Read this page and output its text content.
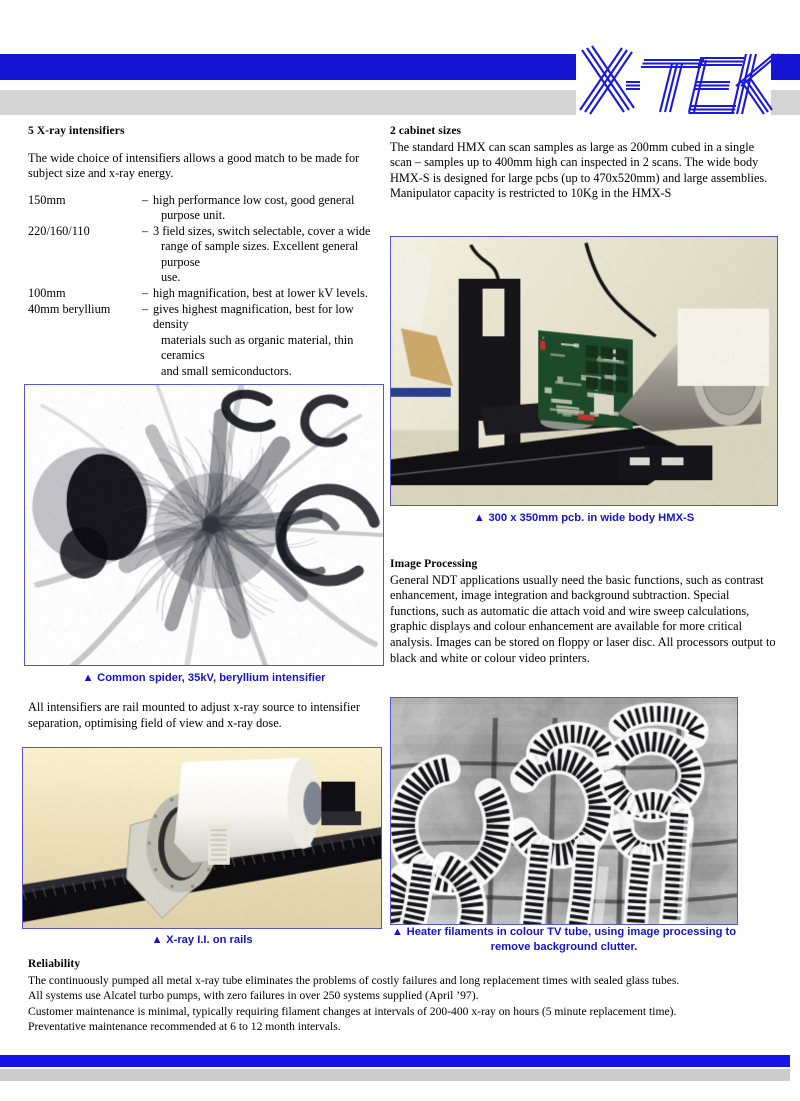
5 X-ray intensifiers

The wide choice of intensifiers allows a good match to be made for subject size and x-ray energy.

150mm	– high performance low cost, good general
purpose unit.
220/160/110	– 3 field sizes, switch selectable, cover a wide
range of sample sizes. Excellent general purpose
use.
100mm	– high magnification, best at lower kV levels.
40mm beryllium	– gives highest magnification, best for low density
materials such as organic material, thin ceramics
and small semiconductors.

2 cabinet sizes

The standard HMX can scan samples as large as 200mm cubed in a single scan – samples up to 400mm high can inspected in 2 scans. The wide body HMX-S is designed for large pcbs (up to 470x520mm) and large assemblies.

Manipulator capacity is restricted to 10Kg in the HMX-S

Image Processing

General NDT applications usually need the basic functions, such as contrast enhancement, image integration and background subtraction. Special functions, such as automatic die attach void and wire sweep calculations, graphic displays and colour enhancement are available for more critical analysis. Images can be stored on floppy or laser disc. All processors output to black and white or colour video printers.

▲ 300 x 350mm pcb. in wide body HMX-S
▲ Common spider, 35kV, beryllium intensifier
▲ X-ray I.I. on rails
▲ Heater filaments in colour TV tube, using image processing to
remove background clutter.

All intensifiers are rail mounted to adjust x-ray source to intensifier separation, optimising field of view and x-ray dose.

Reliability

The continuously pumped all metal x-ray tube eliminates the problems of costly failures and long replacement times with sealed glass tubes.

All systems use Alcatel turbo pumps, with zero failures in over 250 systems supplied (April ’97).

Customer maintenance is minimal, typically requiring filament changes at intervals of 200-400 x-ray on hours (5 minute replacement time).

Preventative maintenance recommended at 6 to 12 month intervals.
